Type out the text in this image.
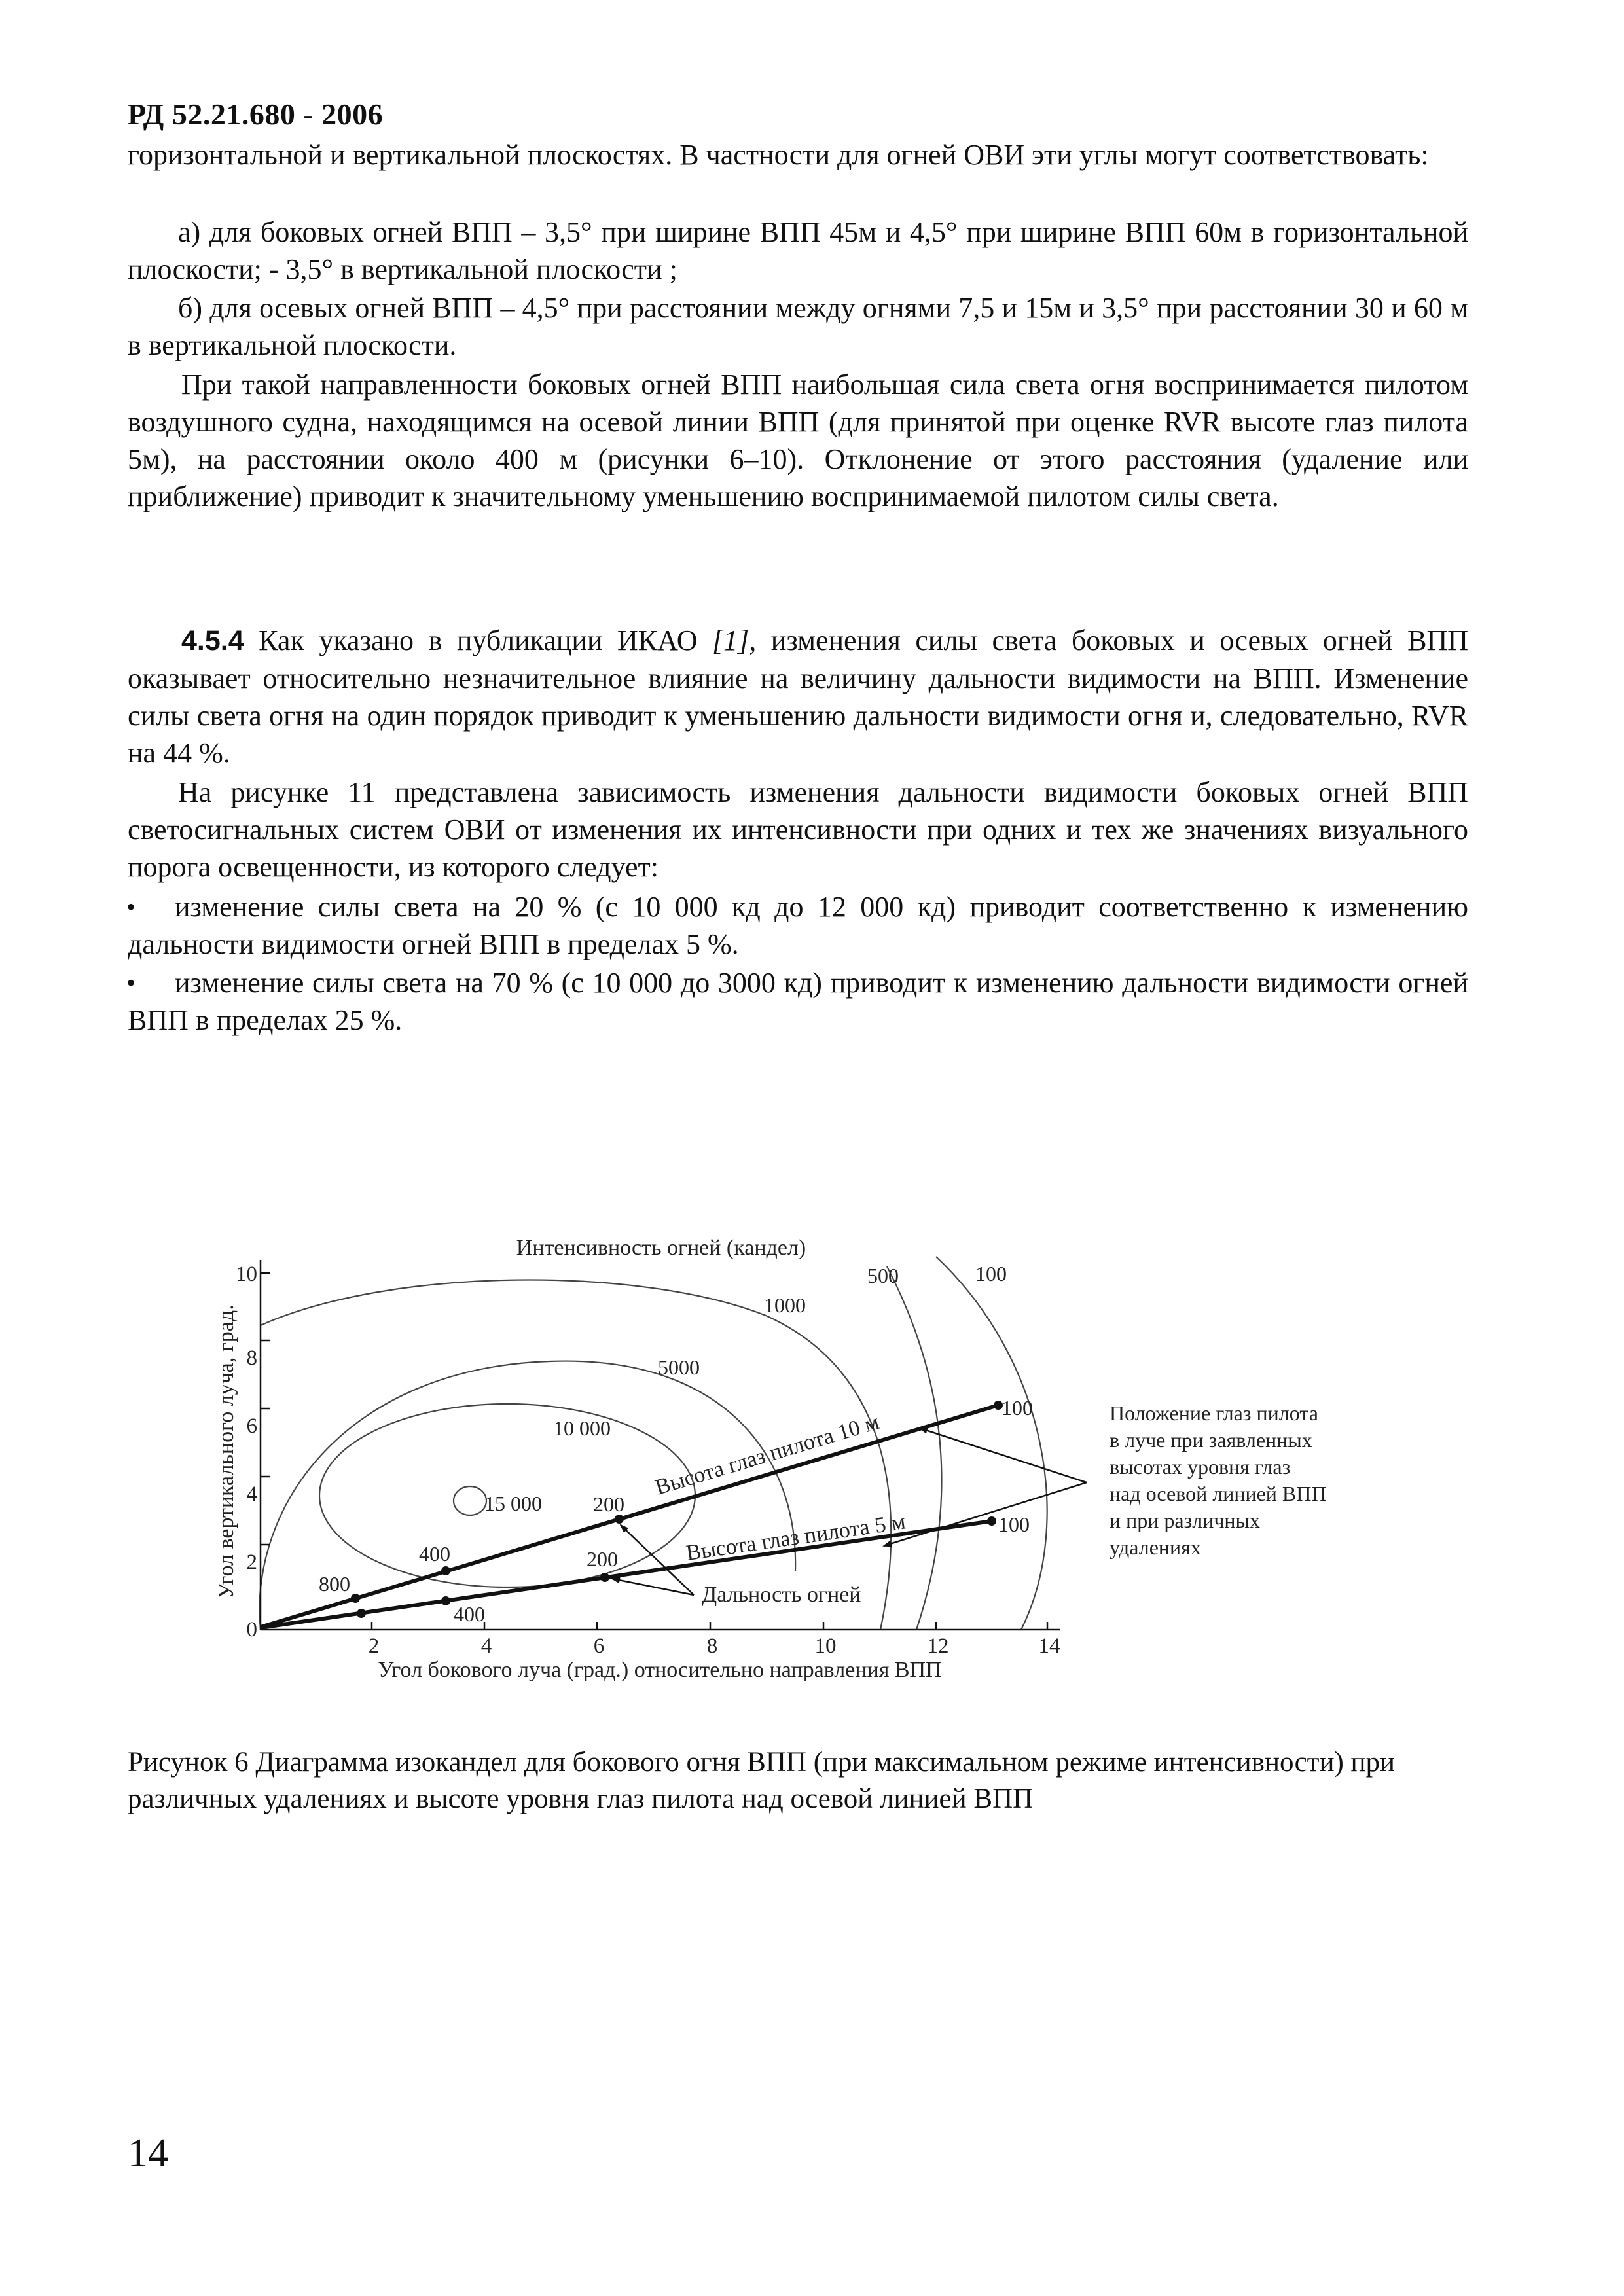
РД 52.21.680 - 2006
горизонтальной и вертикальной плоскостях. В частности для огней ОВИ эти углы могут соответствовать:
а) для боковых огней ВПП – 3,5° при ширине ВПП 45м и 4,5° при ширине ВПП 60м в горизонтальной плоскости; - 3,5° в вертикальной плоскости ;
б) для осевых огней ВПП – 4,5° при расстоянии между огнями 7,5 и 15м и 3,5° при расстоянии 30 и 60 м в вертикальной плоскости.
При такой направленности боковых огней ВПП наибольшая сила света огня воспринимается пилотом воздушного судна, находящимся на осевой линии ВПП (для принятой при оценке RVR высоте глаз пилота 5м), на расстоянии около 400 м (рисунки 6–10). Отклонение от этого расстояния (удаление или приближение) приводит к значительному уменьшению воспринимаемой пилотом силы света.
4.5.4 Как указано в публикации ИКАО [1], изменения силы света боковых и осевых огней ВПП оказывает относительно незначительное влияние на величину дальности видимости на ВПП. Изменение силы света огня на один порядок приводит к уменьшению дальности видимости огня и, следовательно, RVR на 44 %.
На рисунке 11 представлена зависимость изменения дальности видимости боковых огней ВПП светосигнальных систем ОВИ от изменения их интенсивности при одних и тех же значениях визуального порога освещенности, из которого следует:
•	изменение силы света на 20 % (с 10 000 кд до 12 000 кд) приводит соответственно к изменению дальности видимости огней ВПП в пределах 5 %.
•	изменение силы света на 70 % (с 10 000 до 3000 кд) приводит к изменению дальности видимости огней ВПП в пределах 25 %.
0
2
4
6
8
10
2	4	6	8	10	12	14
Интенсивность огней (кандел)
Угол бокового луча (град.) относительно направления ВПП
Угол вертикального луча, град.	15 000
10 000
5000
1000
500	100
800
400
200
100
400
200
100
Высота глаз пилота 10 м
Высота глаз пилота 5 м
Дальность огней
Положение глаз пилота
в луче при заявленных
высотах уровня глаз
над осевой линией ВПП
и при различных
удалениях
Рисунок 6 Диаграмма изокандел для бокового огня ВПП (при максимальном режиме интенсивности) при различных удалениях и высоте уровня глаз пилота над осевой линией ВПП
14
